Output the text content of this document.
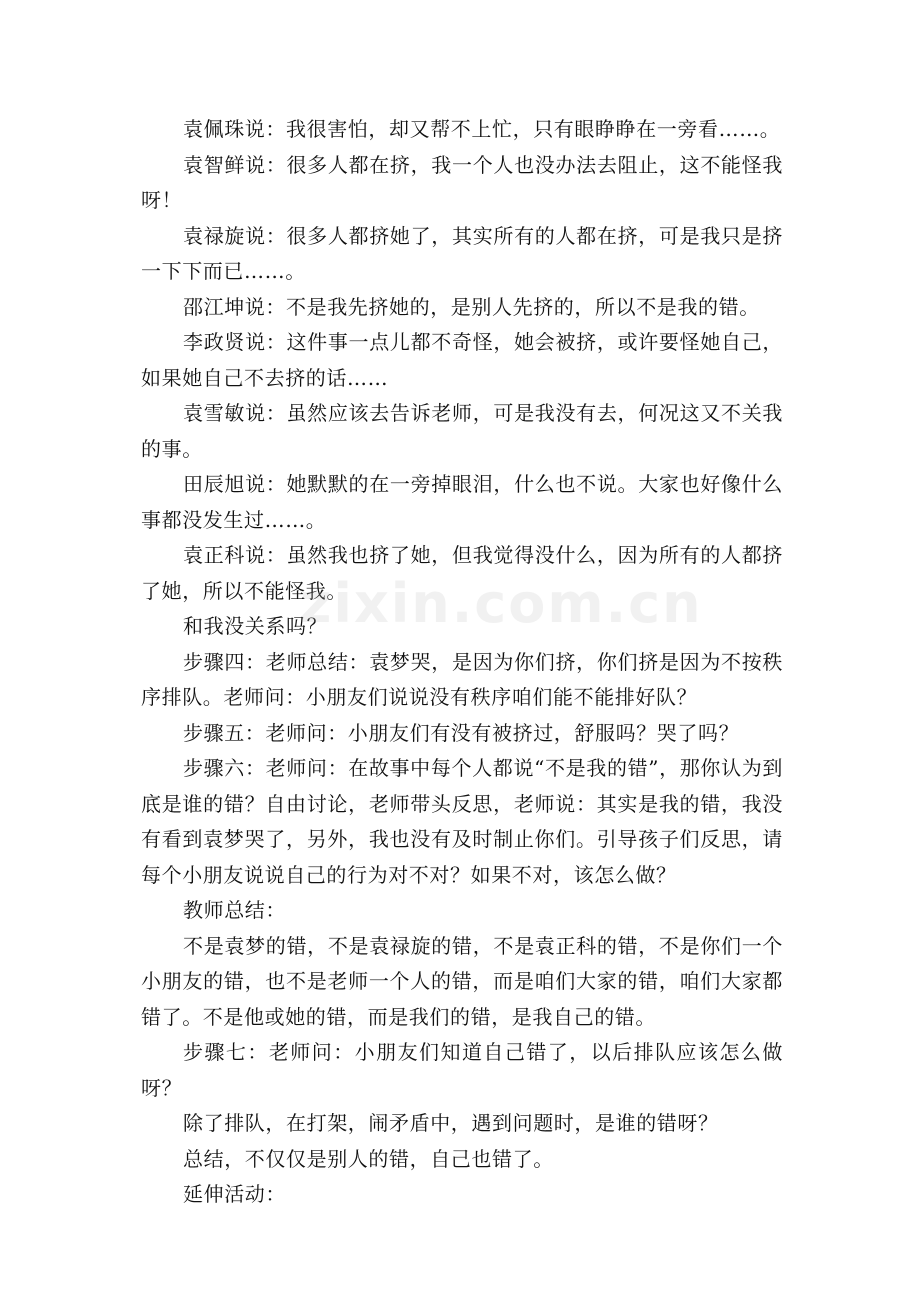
袁佩珠说：我很害怕，却又帮不上忙，只有眼睁睁在一旁看……。

袁智鲜说：很多人都在挤，我一个人也没办法去阻止，这不能怪我呀！

袁禄旋说：很多人都挤她了，其实所有的人都在挤，可是我只是挤一下下而已……。

邵江坤说：不是我先挤她的，是别人先挤的，所以不是我的错。

李政贤说：这件事一点儿都不奇怪，她会被挤，或许要怪她自己，如果她自己不去挤的话……

袁雪敏说：虽然应该去告诉老师，可是我没有去，何况这又不关我的事。

田辰旭说：她默默的在一旁掉眼泪，什么也不说。大家也好像什么事都没发生过……。

袁正科说：虽然我也挤了她，但我觉得没什么，因为所有的人都挤了她，所以不能怪我。

和我没关系吗？

步骤四：老师总结：袁梦哭，是因为你们挤，你们挤是因为不按秩序排队。老师问：小朋友们说说没有秩序咱们能不能排好队？

步骤五：老师问：小朋友们有没有被挤过，舒服吗？哭了吗？

步骤六：老师问：在故事中每个人都说“不是我的错”，那你认为到底是谁的错？自由讨论，老师带头反思，老师说：其实是我的错，我没有看到袁梦哭了，另外，我也没有及时制止你们。引导孩子们反思，请每个小朋友说说自己的行为对不对？如果不对，该怎么做？

教师总结：

不是袁梦的错，不是袁禄旋的错，不是袁正科的错，不是你们一个小朋友的错，也不是老师一个人的错，而是咱们大家的错，咱们大家都错了。不是他或她的错，而是我们的错，是我自己的错。

步骤七：老师问：小朋友们知道自己错了，以后排队应该怎么做呀？

除了排队，在打架，闹矛盾中，遇到问题时，是谁的错呀？

总结，不仅仅是别人的错，自己也错了。

延伸活动：

zixin.com.cn
